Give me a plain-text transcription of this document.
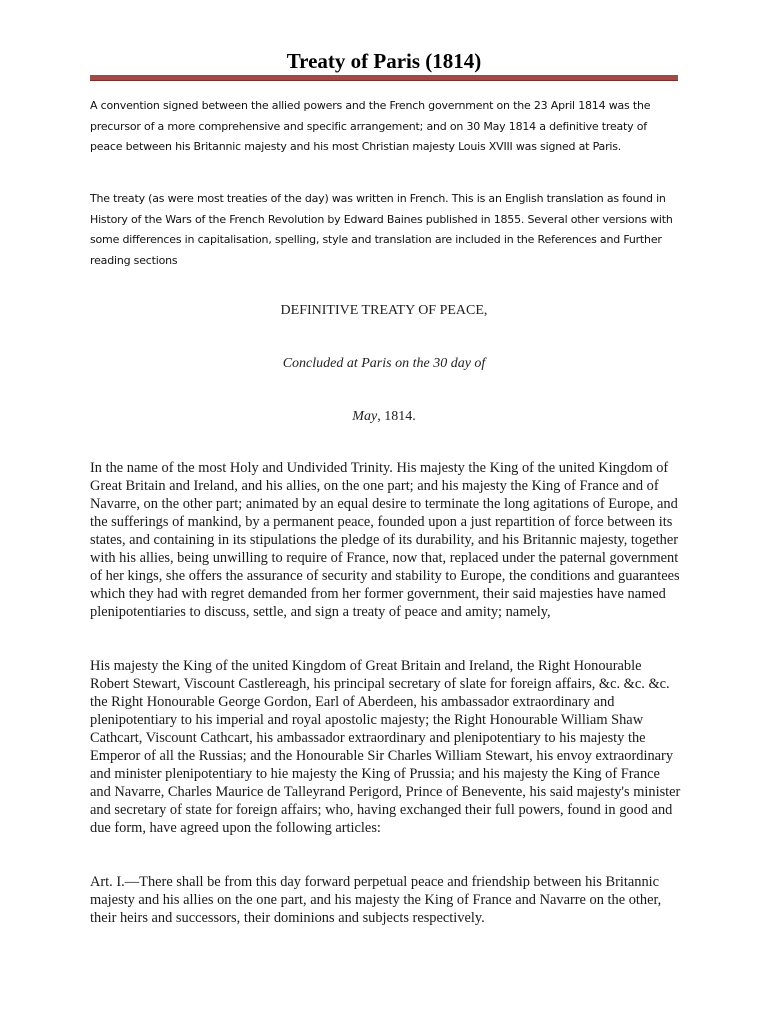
Treaty of Paris (1814)

A convention signed between the allied powers and the French government on the 23 April 1814 was the precursor of a more comprehensive and specific arrangement; and on 30 May 1814 a definitive treaty of peace between his Britannic majesty and his most Christian majesty Louis XVIII was signed at Paris.

The treaty (as were most treaties of the day) was written in French. This is an English translation as found in History of the Wars of the French Revolution by Edward Baines published in 1855. Several other versions with some differences in capitalisation, spelling, style and translation are included in the References and Further reading sections

DEFINITIVE TREATY OF PEACE,
Concluded at Paris on the 30 day of
May, 1814.

In the name of the most Holy and Undivided Trinity. His majesty the King of the united Kingdom of Great Britain and Ireland, and his allies, on the one part; and his majesty the King of France and of Navarre, on the other part; animated by an equal desire to terminate the long agitations of Europe, and the sufferings of mankind, by a permanent peace, founded upon a just repartition of force between its states, and containing in its stipulations the pledge of its durability, and his Britannic majesty, together with his allies, being unwilling to require of France, now that, replaced under the paternal government of her kings, she offers the assurance of security and stability to Europe, the conditions and guarantees which they had with regret demanded from her former government, their said majesties have named plenipotentiaries to discuss, settle, and sign a treaty of peace and amity; namely,

His majesty the King of the united Kingdom of Great Britain and Ireland, the Right Honourable Robert Stewart, Viscount Castlereagh, his principal secretary of slate for foreign affairs, &c. &c. &c. the Right Honourable George Gordon, Earl of Aberdeen, his ambassador extraordinary and plenipotentiary to his imperial and royal apostolic majesty; the Right Honourable William Shaw Cathcart, Viscount Cathcart, his ambassador extraordinary and plenipotentiary to his majesty the Emperor of all the Russias; and the Honourable Sir Charles William Stewart, his envoy extraordinary and minister plenipotentiary to hie majesty the King of Prussia; and his majesty the King of France and Navarre, Charles Maurice de Talleyrand Perigord, Prince of Benevente, his said majesty's minister and secretary of state for foreign affairs; who, having exchanged their full powers, found in good and due form, have agreed upon the following articles:

Art. I.—There shall be from this day forward perpetual peace and friendship between his Britannic majesty and his allies on the one part, and his majesty the King of France and Navarre on the other, their heirs and successors, their dominions and subjects respectively.
